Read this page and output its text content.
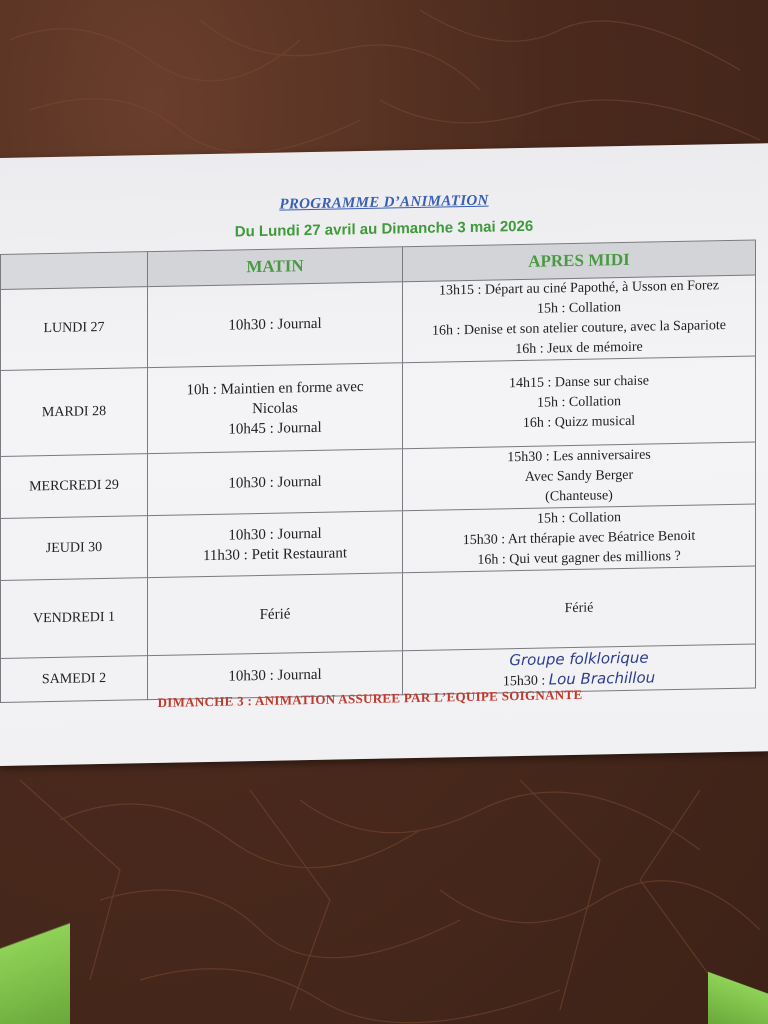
PROGRAMME D’ANIMATION
Du Lundi 27 avril au Dimanche 3 mai 2026
	MATIN	APRES MIDI
LUNDI 27	10h30 : Journal	13h15 : Départ au ciné Papothé, à Usson en Forez
15h : Collation
16h : Denise et son atelier couture, avec la Sapariote
16h : Jeux de mémoire

MARDI 28	10h : Maintien en forme avec
Nicolas
10h45 : Journal	14h15 : Danse sur chaise
15h : Collation
16h : Quizz musical

MERCREDI 29	10h30 : Journal	15h30 : Les anniversaires
Avec Sandy Berger
(Chanteuse)

JEUDI 30	10h30 : Journal
11h30 : Petit Restaurant	15h : Collation
15h30 : Art thérapie avec Béatrice Benoit
16h : Qui veut gagner des millions ?

VENDREDI 1	Férié	Férié

SAMEDI 2	10h30 : Journal	Groupe folklorique
15h30 : Lou Brachillou
DIMANCHE 3 : ANIMATION ASSUREE PAR L’EQUIPE SOIGNANTE
